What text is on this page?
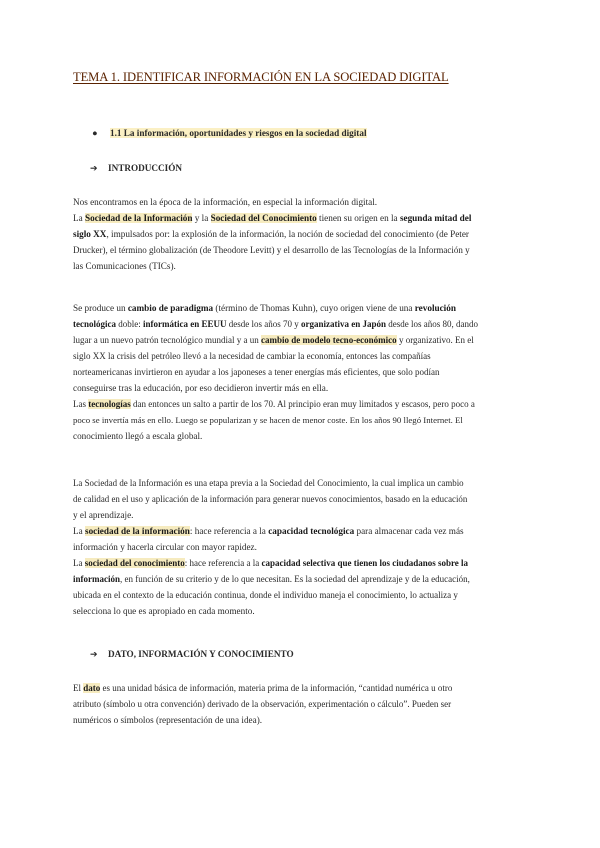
TEMA 1. IDENTIFICAR INFORMACIÓN EN LA SOCIEDAD DIGITAL
● 1.1 La información, oportunidades y riesgos en la sociedad digital
➔ INTRODUCCIÓN
Nos encontramos en la época de la información, en especial la información digital.
La Sociedad de la Información y la Sociedad del Conocimiento tienen su origen en la segunda mitad del
siglo XX, impulsados por: la explosión de la información, la noción de sociedad del conocimiento (de Peter
Drucker), el término globalización (de Theodore Levitt) y el desarrollo de las Tecnologías de la Información y
las Comunicaciones (TICs).
Se produce un cambio de paradigma (término de Thomas Kuhn), cuyo origen viene de una revolución
tecnológica doble: informática en EEUU desde los años 70 y organizativa en Japón desde los años 80, dando
lugar a un nuevo patrón tecnológico mundial y a un cambio de modelo tecno-económico y organizativo. En el
siglo XX la crisis del petróleo llevó a la necesidad de cambiar la economía, entonces las compañías
norteamericanas invirtieron en ayudar a los japoneses a tener energías más eficientes, que solo podían
conseguirse tras la educación, por eso decidieron invertir más en ella.
Las tecnologías dan entonces un salto a partir de los 70. Al principio eran muy limitados y escasos, pero poco a
poco se invertía más en ello. Luego se popularizan y se hacen de menor coste. En los años 90 llegó Internet. El
conocimiento llegó a escala global.
La Sociedad de la Información es una etapa previa a la Sociedad del Conocimiento, la cual implica un cambio
de calidad en el uso y aplicación de la información para generar nuevos conocimientos, basado en la educación
y el aprendizaje.
La sociedad de la información: hace referencia a la capacidad tecnológica para almacenar cada vez más
información y hacerla circular con mayor rapidez.
La sociedad del conocimiento: hace referencia a la capacidad selectiva que tienen los ciudadanos sobre la
información, en función de su criterio y de lo que necesitan. Es la sociedad del aprendizaje y de la educación,
ubicada en el contexto de la educación continua, donde el individuo maneja el conocimiento, lo actualiza y
selecciona lo que es apropiado en cada momento.
➔ DATO, INFORMACIÓN Y CONOCIMIENTO
El dato es una unidad básica de información, materia prima de la información, “cantidad numérica u otro
atributo (símbolo u otra convención) derivado de la observación, experimentación o cálculo”. Pueden ser
numéricos o símbolos (representación de una idea).
